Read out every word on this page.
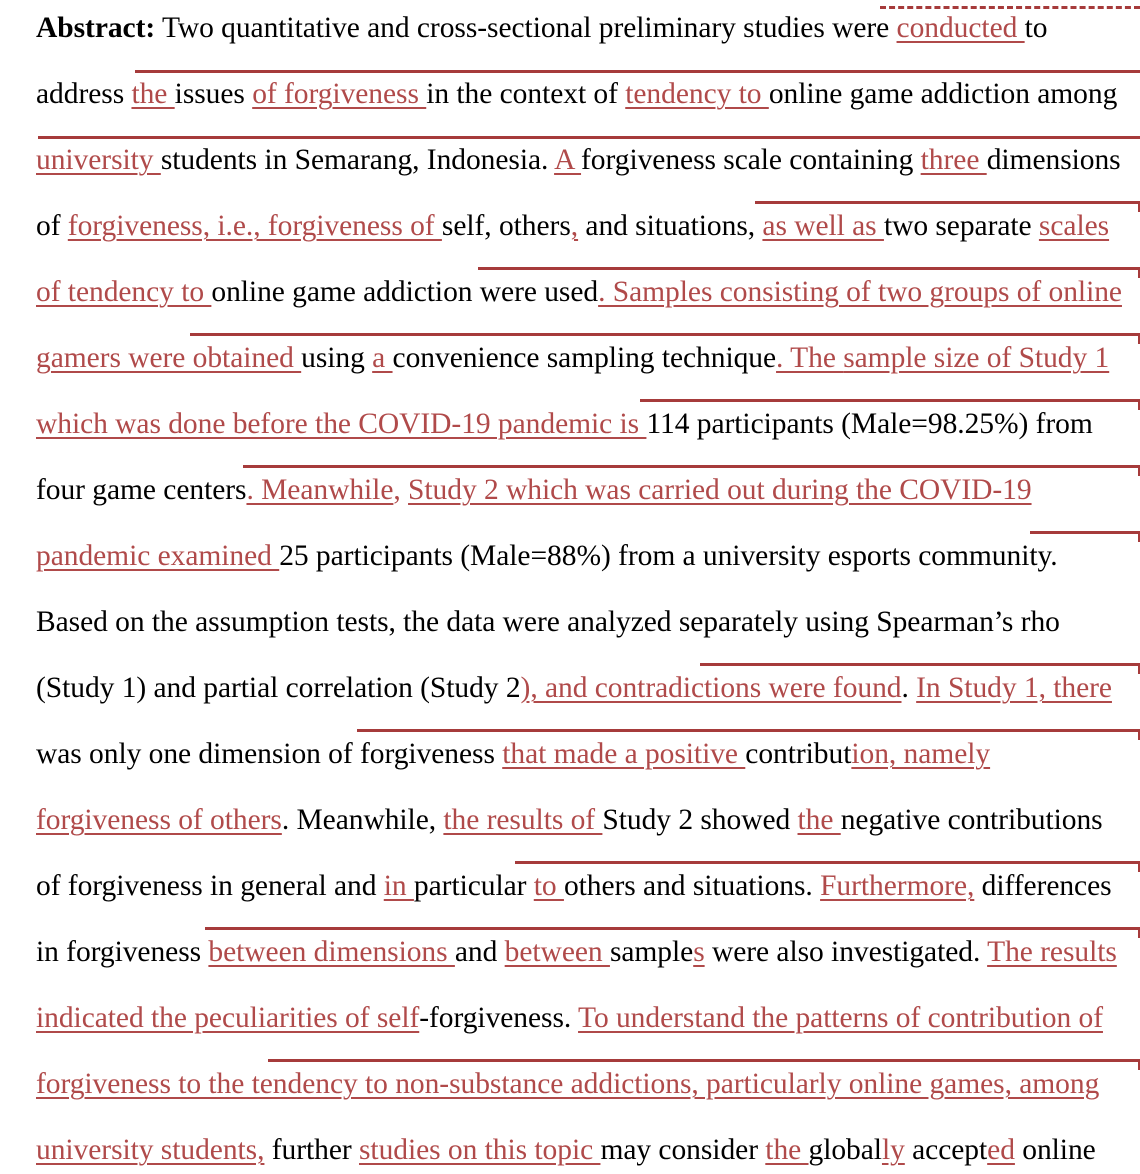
Abstract: Two quantitative and cross-sectional preliminary studies were conducted to
address the issues of forgiveness in the context of tendency to online game addiction among
university students in Semarang, Indonesia. A forgiveness scale containing three dimensions
of forgiveness, i.e., forgiveness of self, others, and situations, as well as two separate scales
of tendency to online game addiction were used. Samples consisting of two groups of online
gamers were obtained using a convenience sampling technique. The sample size of Study 1
which was done before the COVID-19 pandemic is 114 participants (Male=98.25%) from
four game centers. Meanwhile, Study 2 which was carried out during the COVID-19
pandemic examined 25 participants (Male=88%) from a university esports community.
Based on the assumption tests, the data were analyzed separately using Spearman’s rho
(Study 1) and partial correlation (Study 2), and contradictions were found. In Study 1, there
was only one dimension of forgiveness that made a positive contribution, namely
forgiveness of others. Meanwhile, the results of Study 2 showed the negative contributions
of forgiveness in general and in particular to others and situations. Furthermore, differences
in forgiveness between dimensions and between samples were also investigated. The results
indicated the peculiarities of self-forgiveness. To understand the patterns of contribution of
forgiveness to the tendency to non-substance addictions, particularly online games, among
university students, further studies on this topic may consider the globally accepted online
